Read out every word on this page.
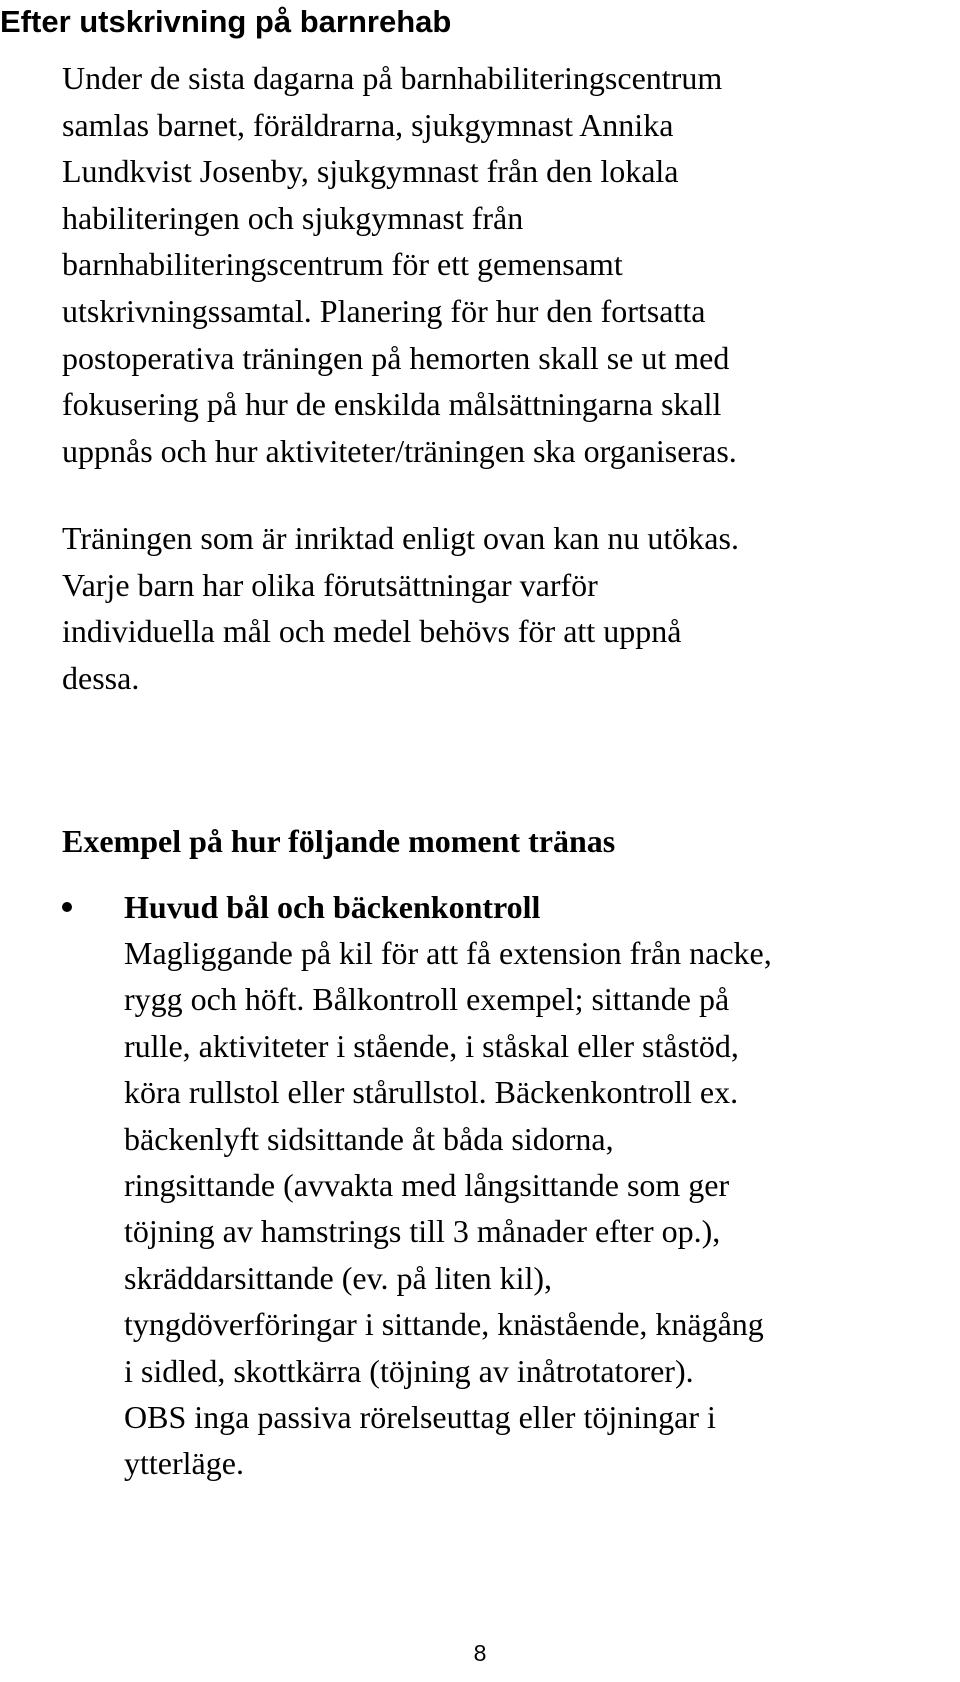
Efter utskrivning på barnrehab

Under de sista dagarna på barnhabiliteringscentrum
samlas barnet, föräldrarna, sjukgymnast Annika
Lundkvist Josenby, sjukgymnast från den lokala
habiliteringen och sjukgymnast från
barnhabiliteringscentrum för ett gemensamt
utskrivningssamtal. Planering för hur den fortsatta
postoperativa träningen på hemorten skall se ut med
fokusering på hur de enskilda målsättningarna skall
uppnås och hur aktiviteter/träningen ska organiseras.

Träningen som är inriktad enligt ovan kan nu utökas.
Varje barn har olika förutsättningar varför
individuella mål och medel behövs för att uppnå
dessa.

Exempel på hur följande moment tränas

Huvud bål och bäckenkontroll

Magliggande på kil för att få extension från nacke,
rygg och höft. Bålkontroll exempel; sittande på
rulle, aktiviteter i stående, i ståskal eller ståstöd,
köra rullstol eller stårullstol. Bäckenkontroll ex.
bäckenlyft sidsittande åt båda sidorna,
ringsittande (avvakta med långsittande som ger
töjning av hamstrings till 3 månader efter op.),
skräddarsittande (ev. på liten kil),
tyngdöverföringar i sittande, knästående, knägång
i sidled, skottkärra (töjning av inåtrotatorer).
OBS inga passiva rörelseuttag eller töjningar i
ytterläge.

8
